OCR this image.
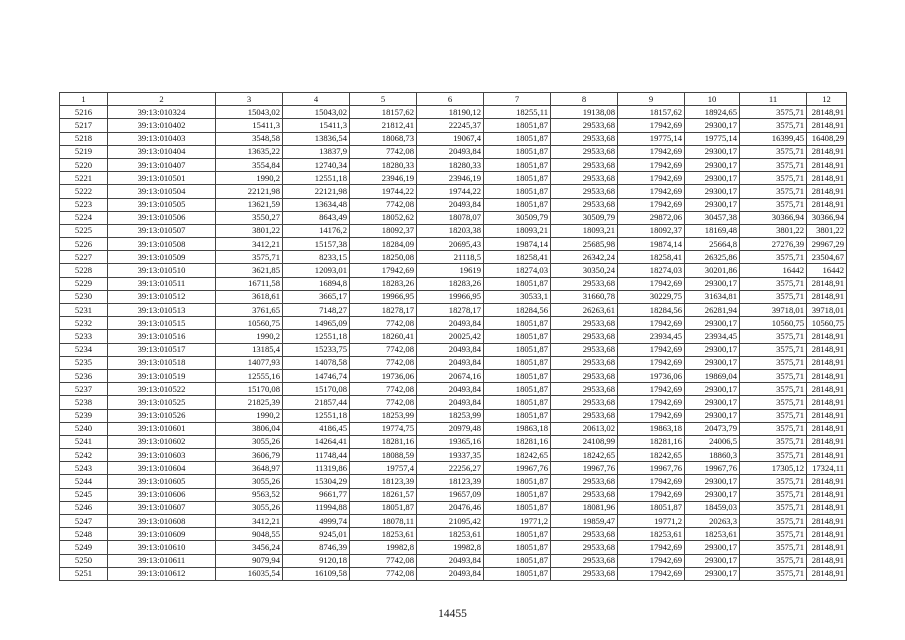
1	2	3	4	5	6	7	8	9	10	11	12
5216	39:13:010324	15043,02	15043,02	18157,62	18190,12	18255,11	19138,08	18157,62	18924,65	3575,71	28148,91
5217	39:13:010402	15411,3	15411,3	21812,41	22245,37	18051,87	29533,68	17942,69	29300,17	3575,71	28148,91
5218	39:13:010403	3548,58	13836,54	18068,73	19067,4	18051,87	29533,68	19775,14	19775,14	16399,45	16408,29
5219	39:13:010404	13635,22	13837,9	7742,08	20493,84	18051,87	29533,68	17942,69	29300,17	3575,71	28148,91
5220	39:13:010407	3554,84	12740,34	18280,33	18280,33	18051,87	29533,68	17942,69	29300,17	3575,71	28148,91
5221	39:13:010501	1990,2	12551,18	23946,19	23946,19	18051,87	29533,68	17942,69	29300,17	3575,71	28148,91
5222	39:13:010504	22121,98	22121,98	19744,22	19744,22	18051,87	29533,68	17942,69	29300,17	3575,71	28148,91
5223	39:13:010505	13621,59	13634,48	7742,08	20493,84	18051,87	29533,68	17942,69	29300,17	3575,71	28148,91
5224	39:13:010506	3550,27	8643,49	18052,62	18078,07	30509,79	30509,79	29872,06	30457,38	30366,94	30366,94
5225	39:13:010507	3801,22	14176,2	18092,37	18203,38	18093,21	18093,21	18092,37	18169,48	3801,22	3801,22
5226	39:13:010508	3412,21	15157,38	18284,09	20695,43	19874,14	25685,98	19874,14	25664,8	27276,39	29967,29
5227	39:13:010509	3575,71	8233,15	18250,08	21118,5	18258,41	26342,24	18258,41	26325,86	3575,71	23504,67
5228	39:13:010510	3621,85	12093,01	17942,69	19619	18274,03	30350,24	18274,03	30201,86	16442	16442
5229	39:13:010511	16711,58	16894,8	18283,26	18283,26	18051,87	29533,68	17942,69	29300,17	3575,71	28148,91
5230	39:13:010512	3618,61	3665,17	19966,95	19966,95	30533,1	31660,78	30229,75	31634,81	3575,71	28148,91
5231	39:13:010513	3761,65	7148,27	18278,17	18278,17	18284,56	26263,61	18284,56	26281,94	39718,01	39718,01
5232	39:13:010515	10560,75	14965,09	7742,08	20493,84	18051,87	29533,68	17942,69	29300,17	10560,75	10560,75
5233	39:13:010516	1990,2	12551,18	18260,41	20025,42	18051,87	29533,68	23934,45	23934,45	3575,71	28148,91
5234	39:13:010517	13185,4	15233,75	7742,08	20493,84	18051,87	29533,68	17942,69	29300,17	3575,71	28148,91
5235	39:13:010518	14077,93	14078,58	7742,08	20493,84	18051,87	29533,68	17942,69	29300,17	3575,71	28148,91
5236	39:13:010519	12555,16	14746,74	19736,06	20674,16	18051,87	29533,68	19736,06	19869,04	3575,71	28148,91
5237	39:13:010522	15170,08	15170,08	7742,08	20493,84	18051,87	29533,68	17942,69	29300,17	3575,71	28148,91
5238	39:13:010525	21825,39	21857,44	7742,08	20493,84	18051,87	29533,68	17942,69	29300,17	3575,71	28148,91
5239	39:13:010526	1990,2	12551,18	18253,99	18253,99	18051,87	29533,68	17942,69	29300,17	3575,71	28148,91
5240	39:13:010601	3806,04	4186,45	19774,75	20979,48	19863,18	20613,02	19863,18	20473,79	3575,71	28148,91
5241	39:13:010602	3055,26	14264,41	18281,16	19365,16	18281,16	24108,99	18281,16	24006,5	3575,71	28148,91
5242	39:13:010603	3606,79	11748,44	18088,59	19337,35	18242,65	18242,65	18242,65	18860,3	3575,71	28148,91
5243	39:13:010604	3648,97	11319,86	19757,4	22256,27	19967,76	19967,76	19967,76	19967,76	17305,12	17324,11
5244	39:13:010605	3055,26	15304,29	18123,39	18123,39	18051,87	29533,68	17942,69	29300,17	3575,71	28148,91
5245	39:13:010606	9563,52	9661,77	18261,57	19657,09	18051,87	29533,68	17942,69	29300,17	3575,71	28148,91
5246	39:13:010607	3055,26	11994,88	18051,87	20476,46	18051,87	18081,96	18051,87	18459,03	3575,71	28148,91
5247	39:13:010608	3412,21	4999,74	18078,11	21095,42	19771,2	19859,47	19771,2	20263,3	3575,71	28148,91
5248	39:13:010609	9048,55	9245,01	18253,61	18253,61	18051,87	29533,68	18253,61	18253,61	3575,71	28148,91
5249	39:13:010610	3456,24	8746,39	19982,8	19982,8	18051,87	29533,68	17942,69	29300,17	3575,71	28148,91
5250	39:13:010611	9079,94	9120,18	7742,08	20493,84	18051,87	29533,68	17942,69	29300,17	3575,71	28148,91
5251	39:13:010612	16035,54	16109,58	7742,08	20493,84	18051,87	29533,68	17942,69	29300,17	3575,71	28148,91
14455
